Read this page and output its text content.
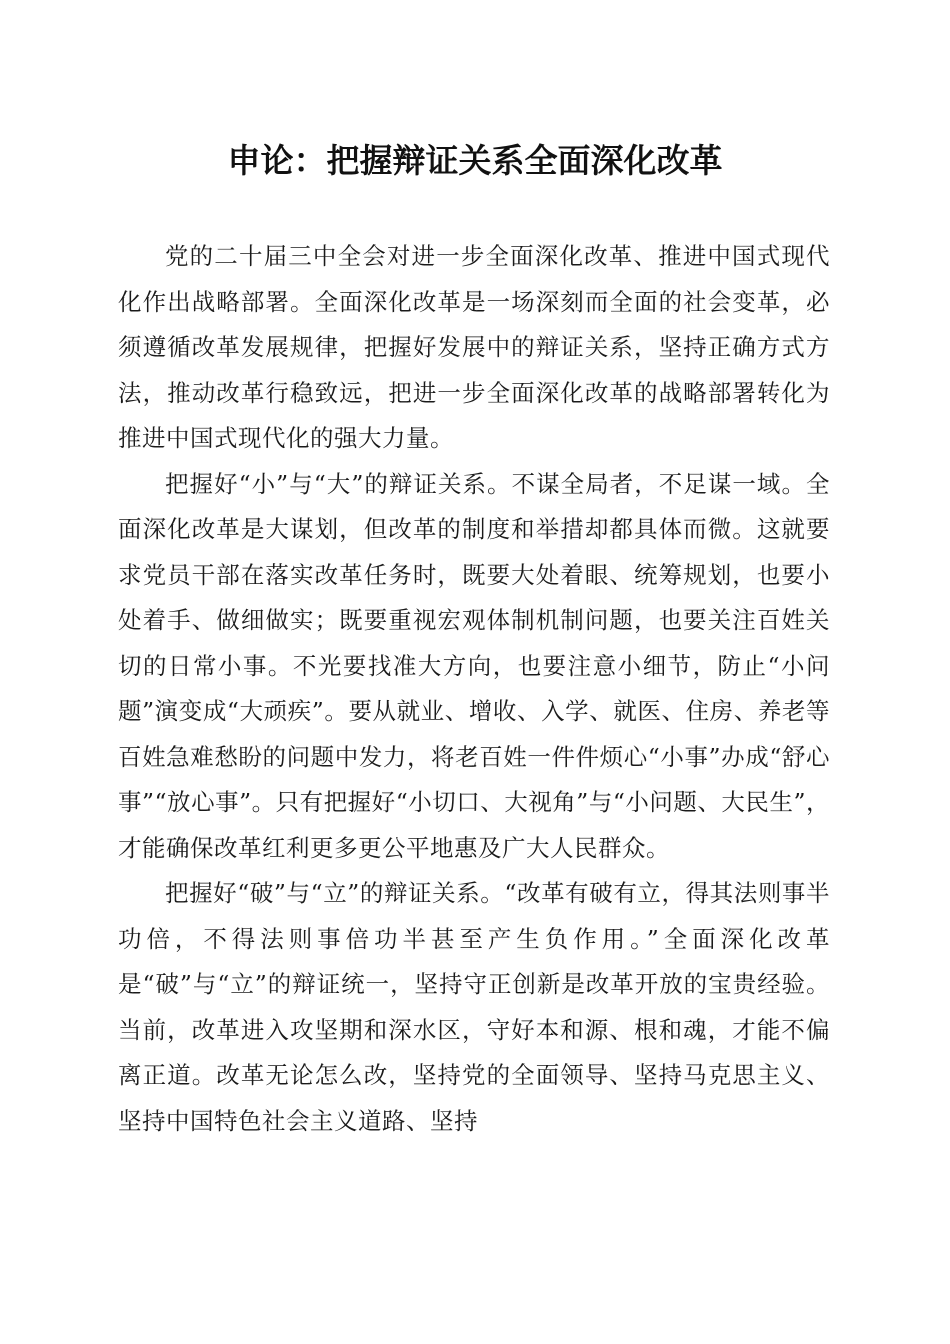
申论：把握辩证关系全面深化改革

党的二十届三中全会对进一步全面深化改革、推进中国式现代化作出战略部署。全面深化改革是一场深刻而全面的社会变革，必须遵循改革发展规律，把握好发展中的辩证关系，坚持正确方式方法，推动改革行稳致远，把进一步全面深化改革的战略部署转化为推进中国式现代化的强大力量。

把握好“小”与“大”的辩证关系。不谋全局者，不足谋一域。全面深化改革是大谋划，但改革的制度和举措却都具体而微。这就要求党员干部在落实改革任务时，既要大处着眼、统筹规划，也要小处着手、做细做实；既要重视宏观体制机制问题，也要关注百姓关切的日常小事。不光要找准大方向，也要注意小细节，防止“小问题”演变成“大顽疾”。要从就业、增收、入学、就医、住房、养老等百姓急难愁盼的问题中发力，将老百姓一件件烦心“小事”办成“舒心事”“放心事”。只有把握好“小切口、大视角”与“小问题、大民生”，才能确保改革红利更多更公平地惠及广大人民群众。

把握好“破”与“立”的辩证关系。“改革有破有立，得其法则事半功倍，不得法则事倍功半甚至产生负作用。”全面深化改革是“破”与“立”的辩证统一，坚持守正创新是改革开放的宝贵经验。当前，改革进入攻坚期和深水区，守好本和源、根和魂，才能不偏离正道。改革无论怎么改，坚持党的全面领导、坚持马克思主义、坚持中国特色社会主义道路、坚持
